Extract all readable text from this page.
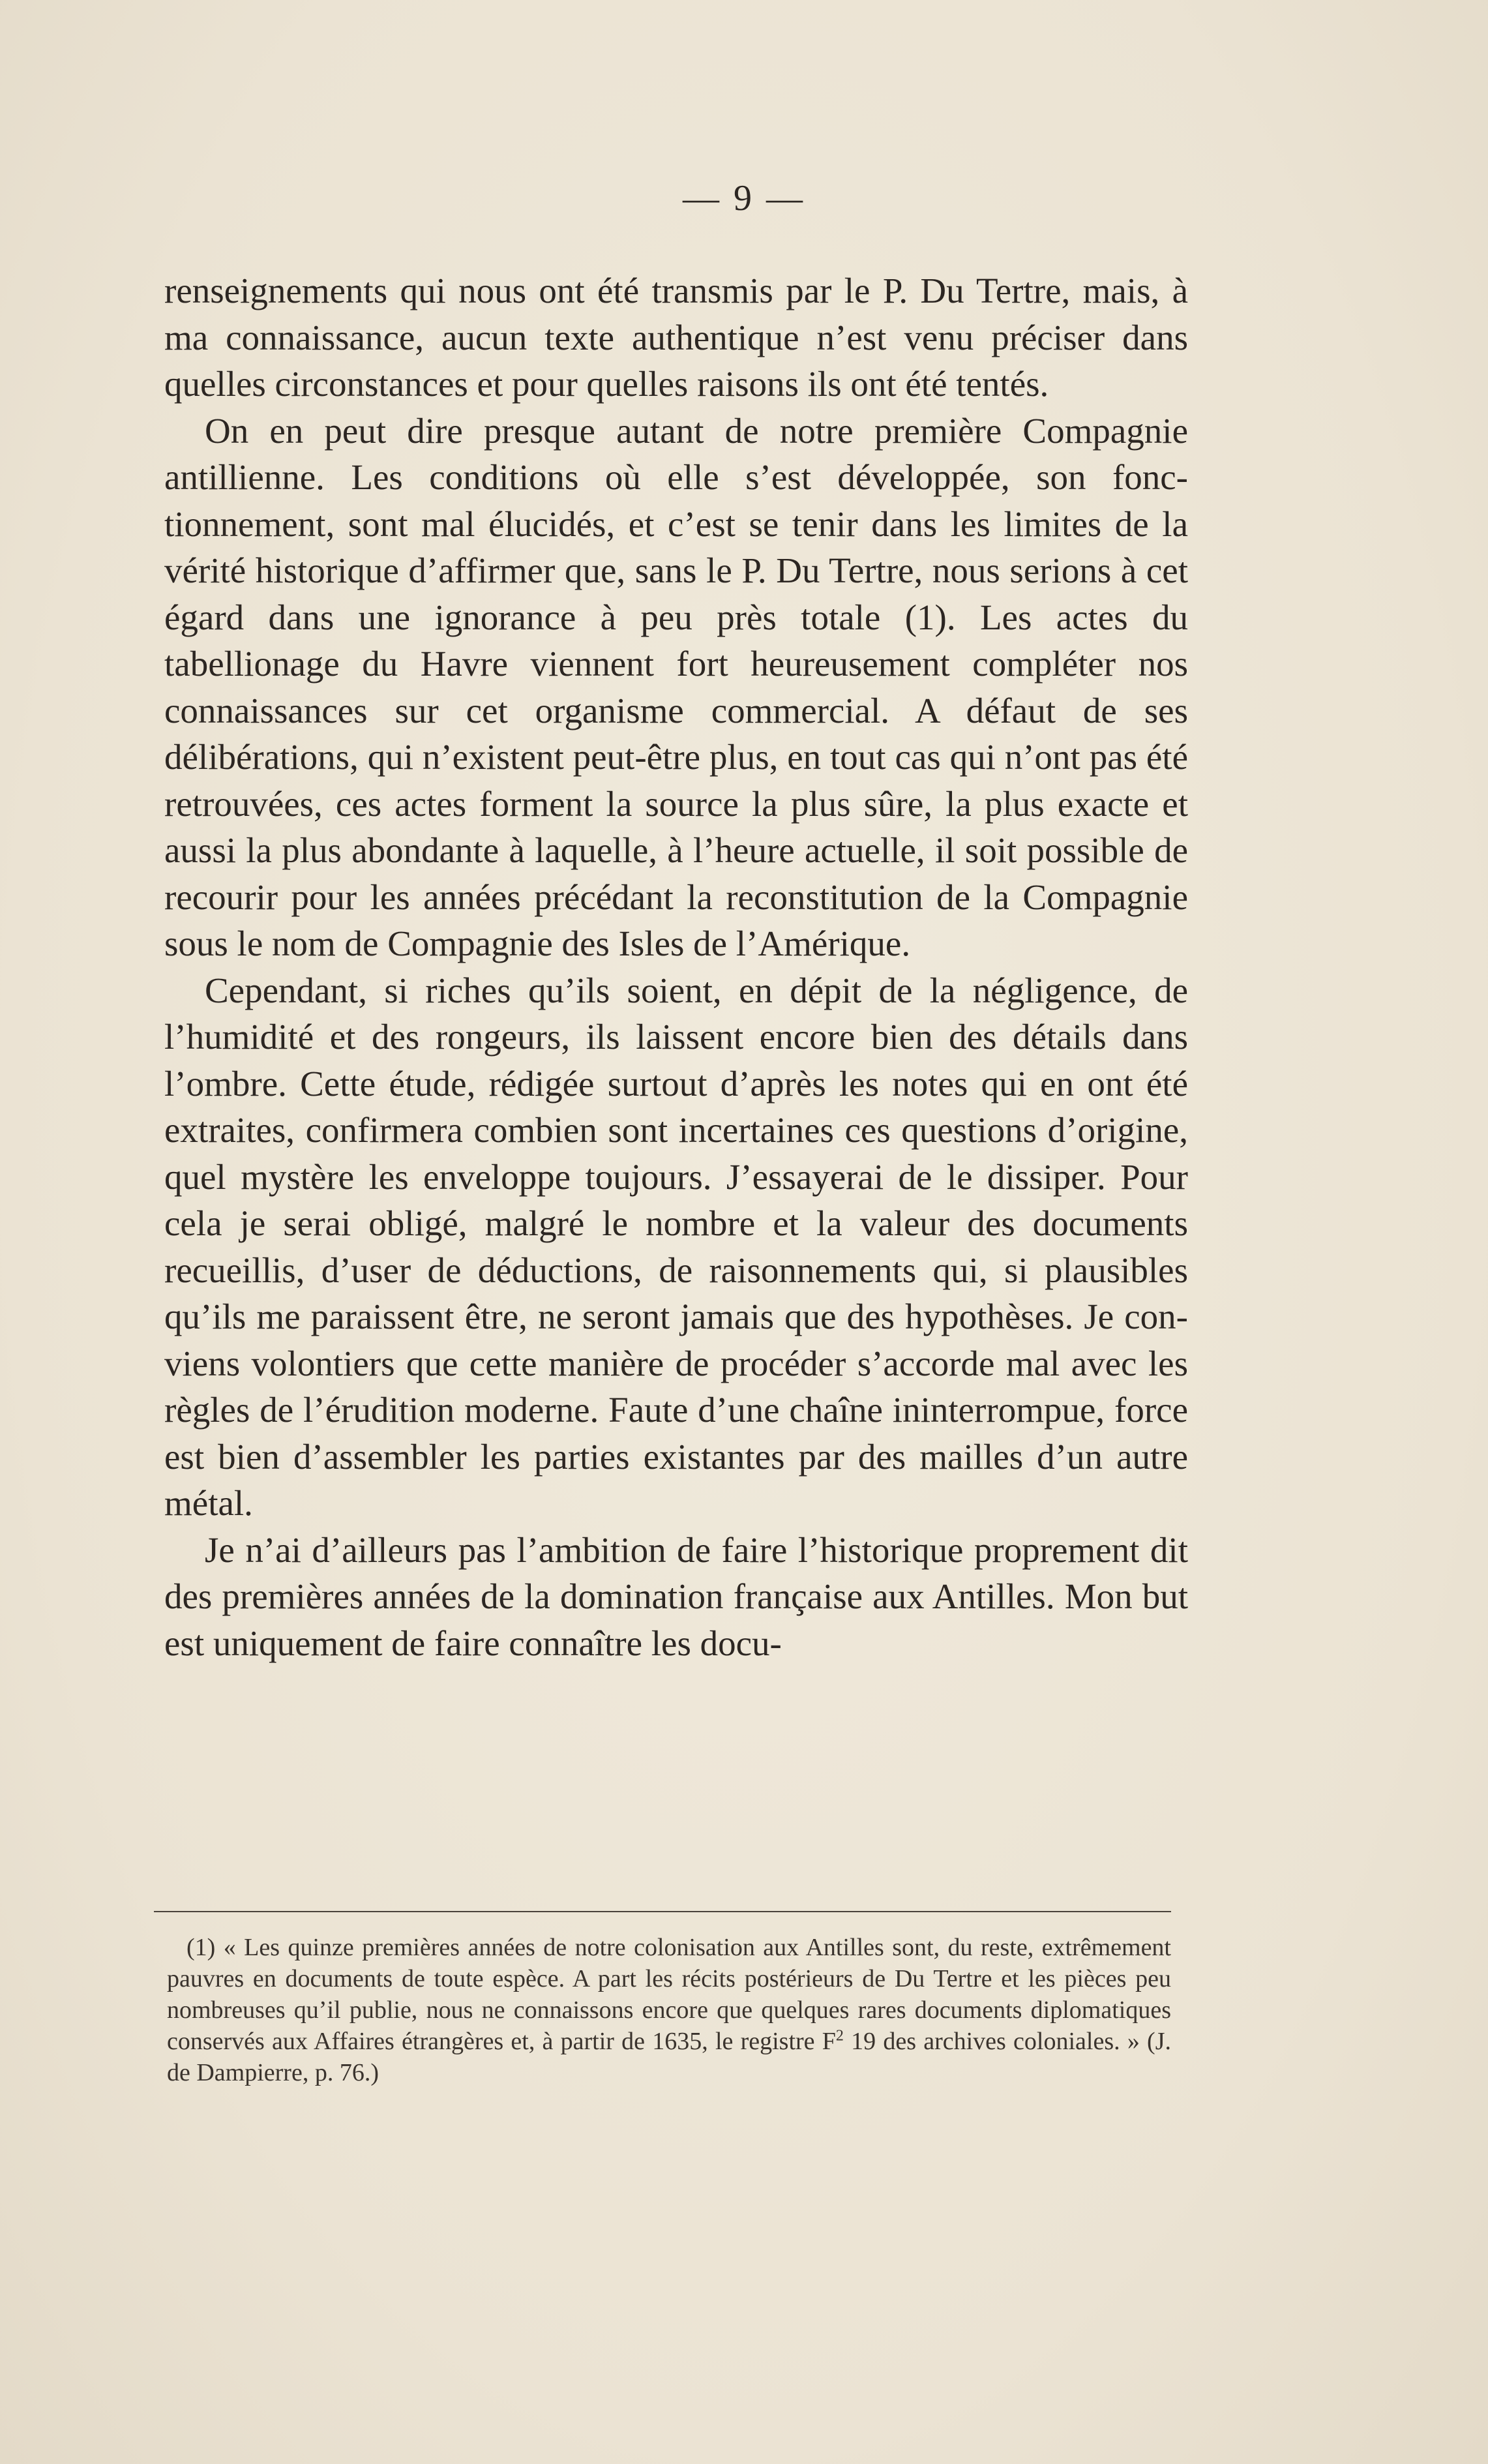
— 9 —

renseignements qui nous ont été transmis par le P. Du Tertre, mais, à ma connaissance, aucun texte authentique n’est venu préciser dans quelles circonstances et pour quelles raisons ils ont été tentés.

On en peut dire presque autant de notre première Compagnie antillienne. Les conditions où elle s’est développée, son fonctionnement, sont mal élucidés, et c’est se tenir dans les limites de la vérité historique d’affirmer que, sans le P. Du Tertre, nous serions à cet égard dans une ignorance à peu près totale (1). Les actes du tabellionage du Havre viennent fort heureusement compléter nos connaissances sur cet organisme commercial. A défaut de ses délibérations, qui n’existent peut-être plus, en tout cas qui n’ont pas été retrouvées, ces actes forment la source la plus sûre, la plus exacte et aussi la plus abondante à laquelle, à l’heure actuelle, il soit possible de recourir pour les années précédant la reconstitution de la Compagnie sous le nom de Compagnie des Isles de l’Amérique.

Cependant, si riches qu’ils soient, en dépit de la négligence, de l’humidité et des rongeurs, ils laissent encore bien des détails dans l’ombre. Cette étude, rédigée surtout d’après les notes qui en ont été extraites, confirmera combien sont incertaines ces questions d’origine, quel mystère les enveloppe toujours. J’essayerai de le dissiper. Pour cela je serai obligé, malgré le nombre et la valeur des documents recueillis, d’user de déductions, de raisonnements qui, si plausibles qu’ils me paraissent être, ne seront jamais que des hypothèses. Je conviens volontiers que cette manière de procéder s’accorde mal avec les règles de l’érudition moderne. Faute d’une chaîne ininterrompue, force est bien d’assembler les parties existantes par des mailles d’un autre métal.

Je n’ai d’ailleurs pas l’ambition de faire l’historique proprement dit des premières années de la domination française aux Antilles. Mon but est uniquement de faire connaître les docu-

(1) « Les quinze premières années de notre colonisation aux Antilles sont, du reste, extrêmement pauvres en documents de toute espèce. A part les récits postérieurs de Du Tertre et les pièces peu nombreuses qu’il publie, nous ne connaissons encore que quelques rares documents diplomatiques conservés aux Affaires étrangères et, à partir de 1635, le registre $F^2$ 19 des archives coloniales. » (J. de Dampierre, p. 76.)
